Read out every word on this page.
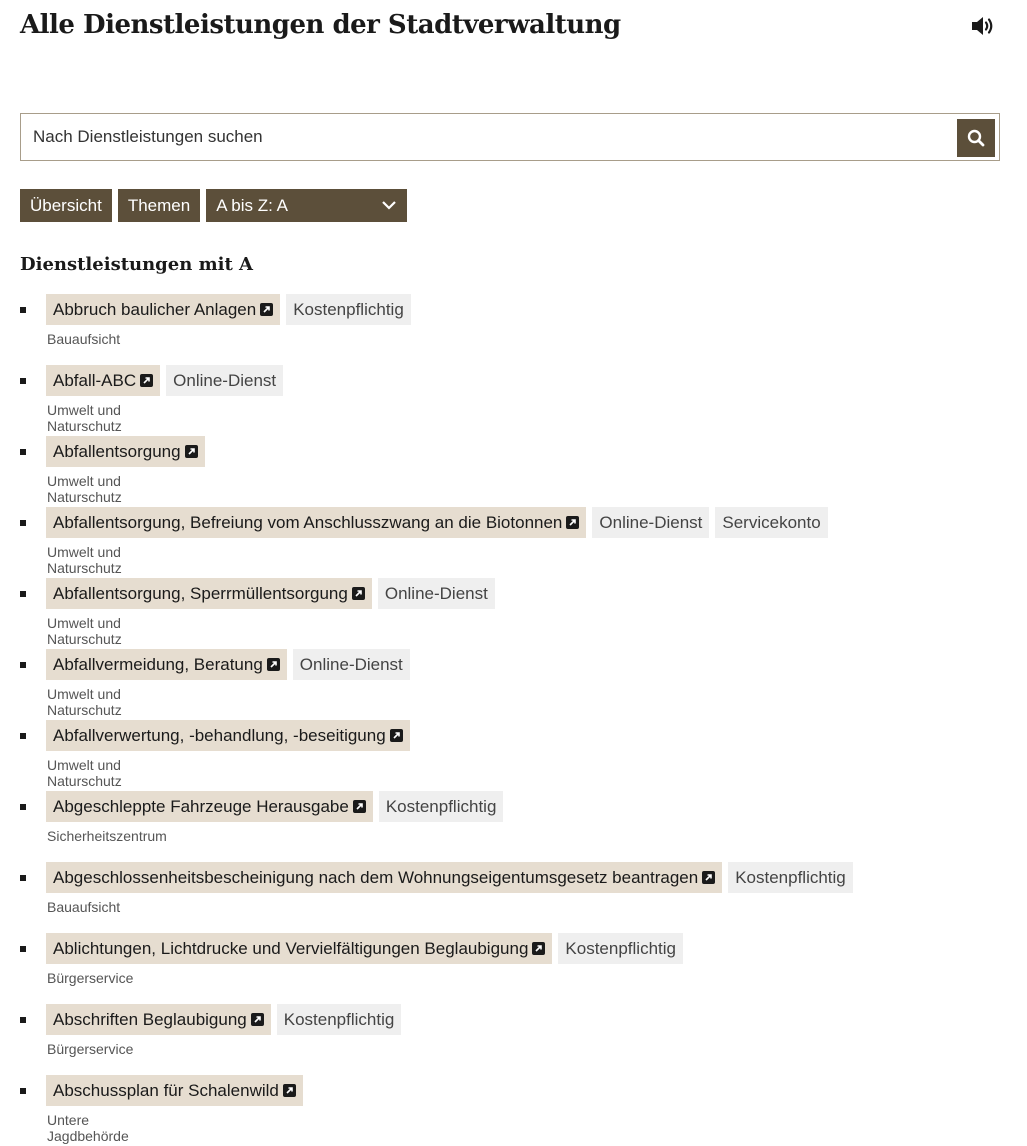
Alle Dienstleistungen der Stadtverwaltung
Nach Dienstleistungen suchen
Übersicht	Themen	A bis Z: A
Dienstleistungen mit A
Abbruch baulicher Anlagen	Kostenpflichtig
Bauaufsicht
Abfall-ABC	Online-Dienst
Umwelt und Naturschutz
Abfallentsorgung
Umwelt und Naturschutz
Abfallentsorgung, Befreiung vom Anschlusszwang an die Biotonnen	Online-Dienst	Servicekonto
Umwelt und Naturschutz
Abfallentsorgung, Sperrmüllentsorgung	Online-Dienst
Umwelt und Naturschutz
Abfallvermeidung, Beratung	Online-Dienst
Umwelt und Naturschutz
Abfallverwertung, -behandlung, -beseitigung
Umwelt und Naturschutz
Abgeschleppte Fahrzeuge Herausgabe	Kostenpflichtig
Sicherheitszentrum
Abgeschlossenheitsbescheinigung nach dem Wohnungseigentumsgesetz beantragen	Kostenpflichtig
Bauaufsicht
Ablichtungen, Lichtdrucke und Vervielfältigungen Beglaubigung	Kostenpflichtig
Bürgerservice
Abschriften Beglaubigung	Kostenpflichtig
Bürgerservice
Abschussplan für Schalenwild
Untere Jagdbehörde
